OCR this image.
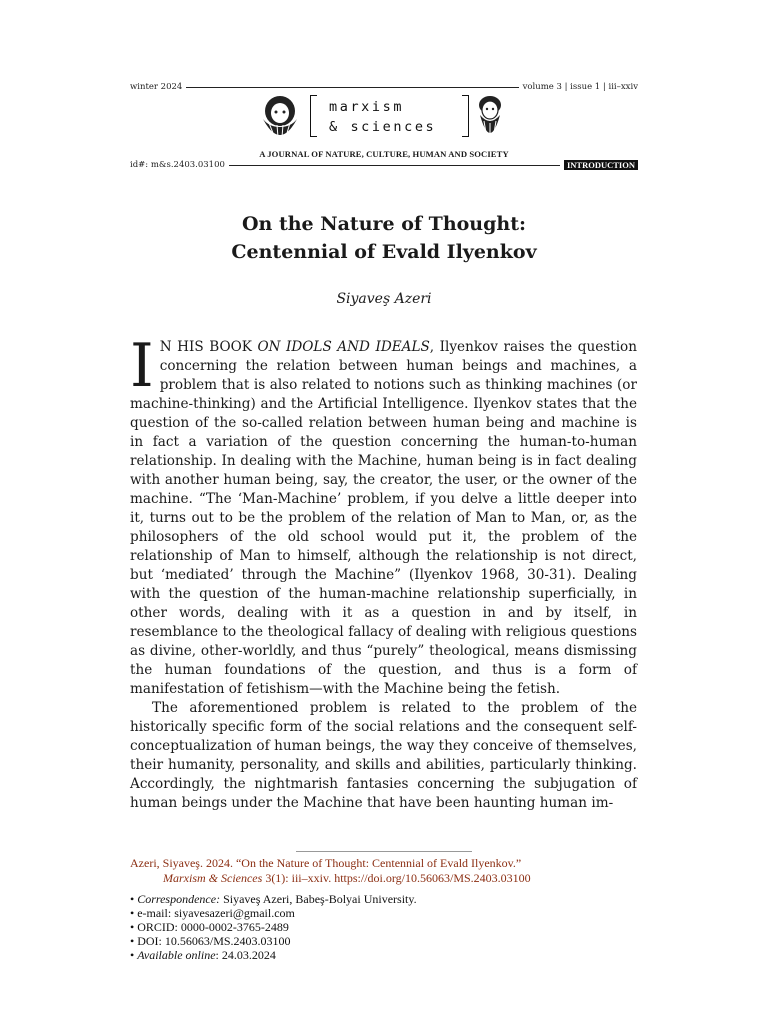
winter 2024	volume 3 | issue 1 | iii–xxiv
marxism
& sciences
A JOURNAL OF NATURE, CULTURE, HUMAN AND SOCIETY
id#: m&s.2403.03100	INTRODUCTION
On the Nature of Thought:
Centennial of Evald Ilyenkov
Siyaveş Azeri

I N HIS BOOK ON IDOLS AND IDEALS, Ilyenkov raises the question concerning the relation between human beings and machines, a problem that is also related to notions such as thinking machines (or machine-thinking) and the Artificial Intelligence. Ilyenkov states that the question of the so-called relation between human being and machine is in fact a variation of the question concerning the human-to-human relationship. In dealing with the Machine, human being is in fact dealing with another human being, say, the creator, the user, or the owner of the machine. “The ‘Man-Machine’ problem, if you delve a little deeper into it, turns out to be the problem of the relation of Man to Man, or, as the philosophers of the old school would put it, the problem of the relationship of Man to himself, although the relationship is not direct, but ‘mediated’ through the Machine” (Ilyenkov 1968, 30-31). Dealing with the question of the human-machine relationship superficially, in other words, dealing with it as a question in and by itself, in resemblance to the theological fallacy of dealing with religious questions as divine, other-worldly, and thus “purely” theological, means dismissing the human foundations of the question, and thus is a form of manifestation of fetishism—with the Machine being the fetish.

The aforementioned problem is related to the problem of the historically specific form of the social relations and the consequent self-conceptualization of human beings, the way they conceive of themselves, their humanity, personality, and skills and abilities, particularly thinking. Accordingly, the nightmarish fantasies concerning the subjugation of human beings under the Machine that have been haunting human im-

Azeri, Siyaveş. 2024. “On the Nature of Thought: Centennial of Evald Ilyenkov.”
Marxism & Sciences 3(1): iii–xxiv. https://doi.org/10.56063/MS.2403.03100
• Correspondence: Siyaveş Azeri, Babeş-Bolyai University.
• e-mail: siyavesazeri@gmail.com
• ORCID: 0000-0002-3765-2489
• DOI: 10.56063/MS.2403.03100
• Available online: 24.03.2024
